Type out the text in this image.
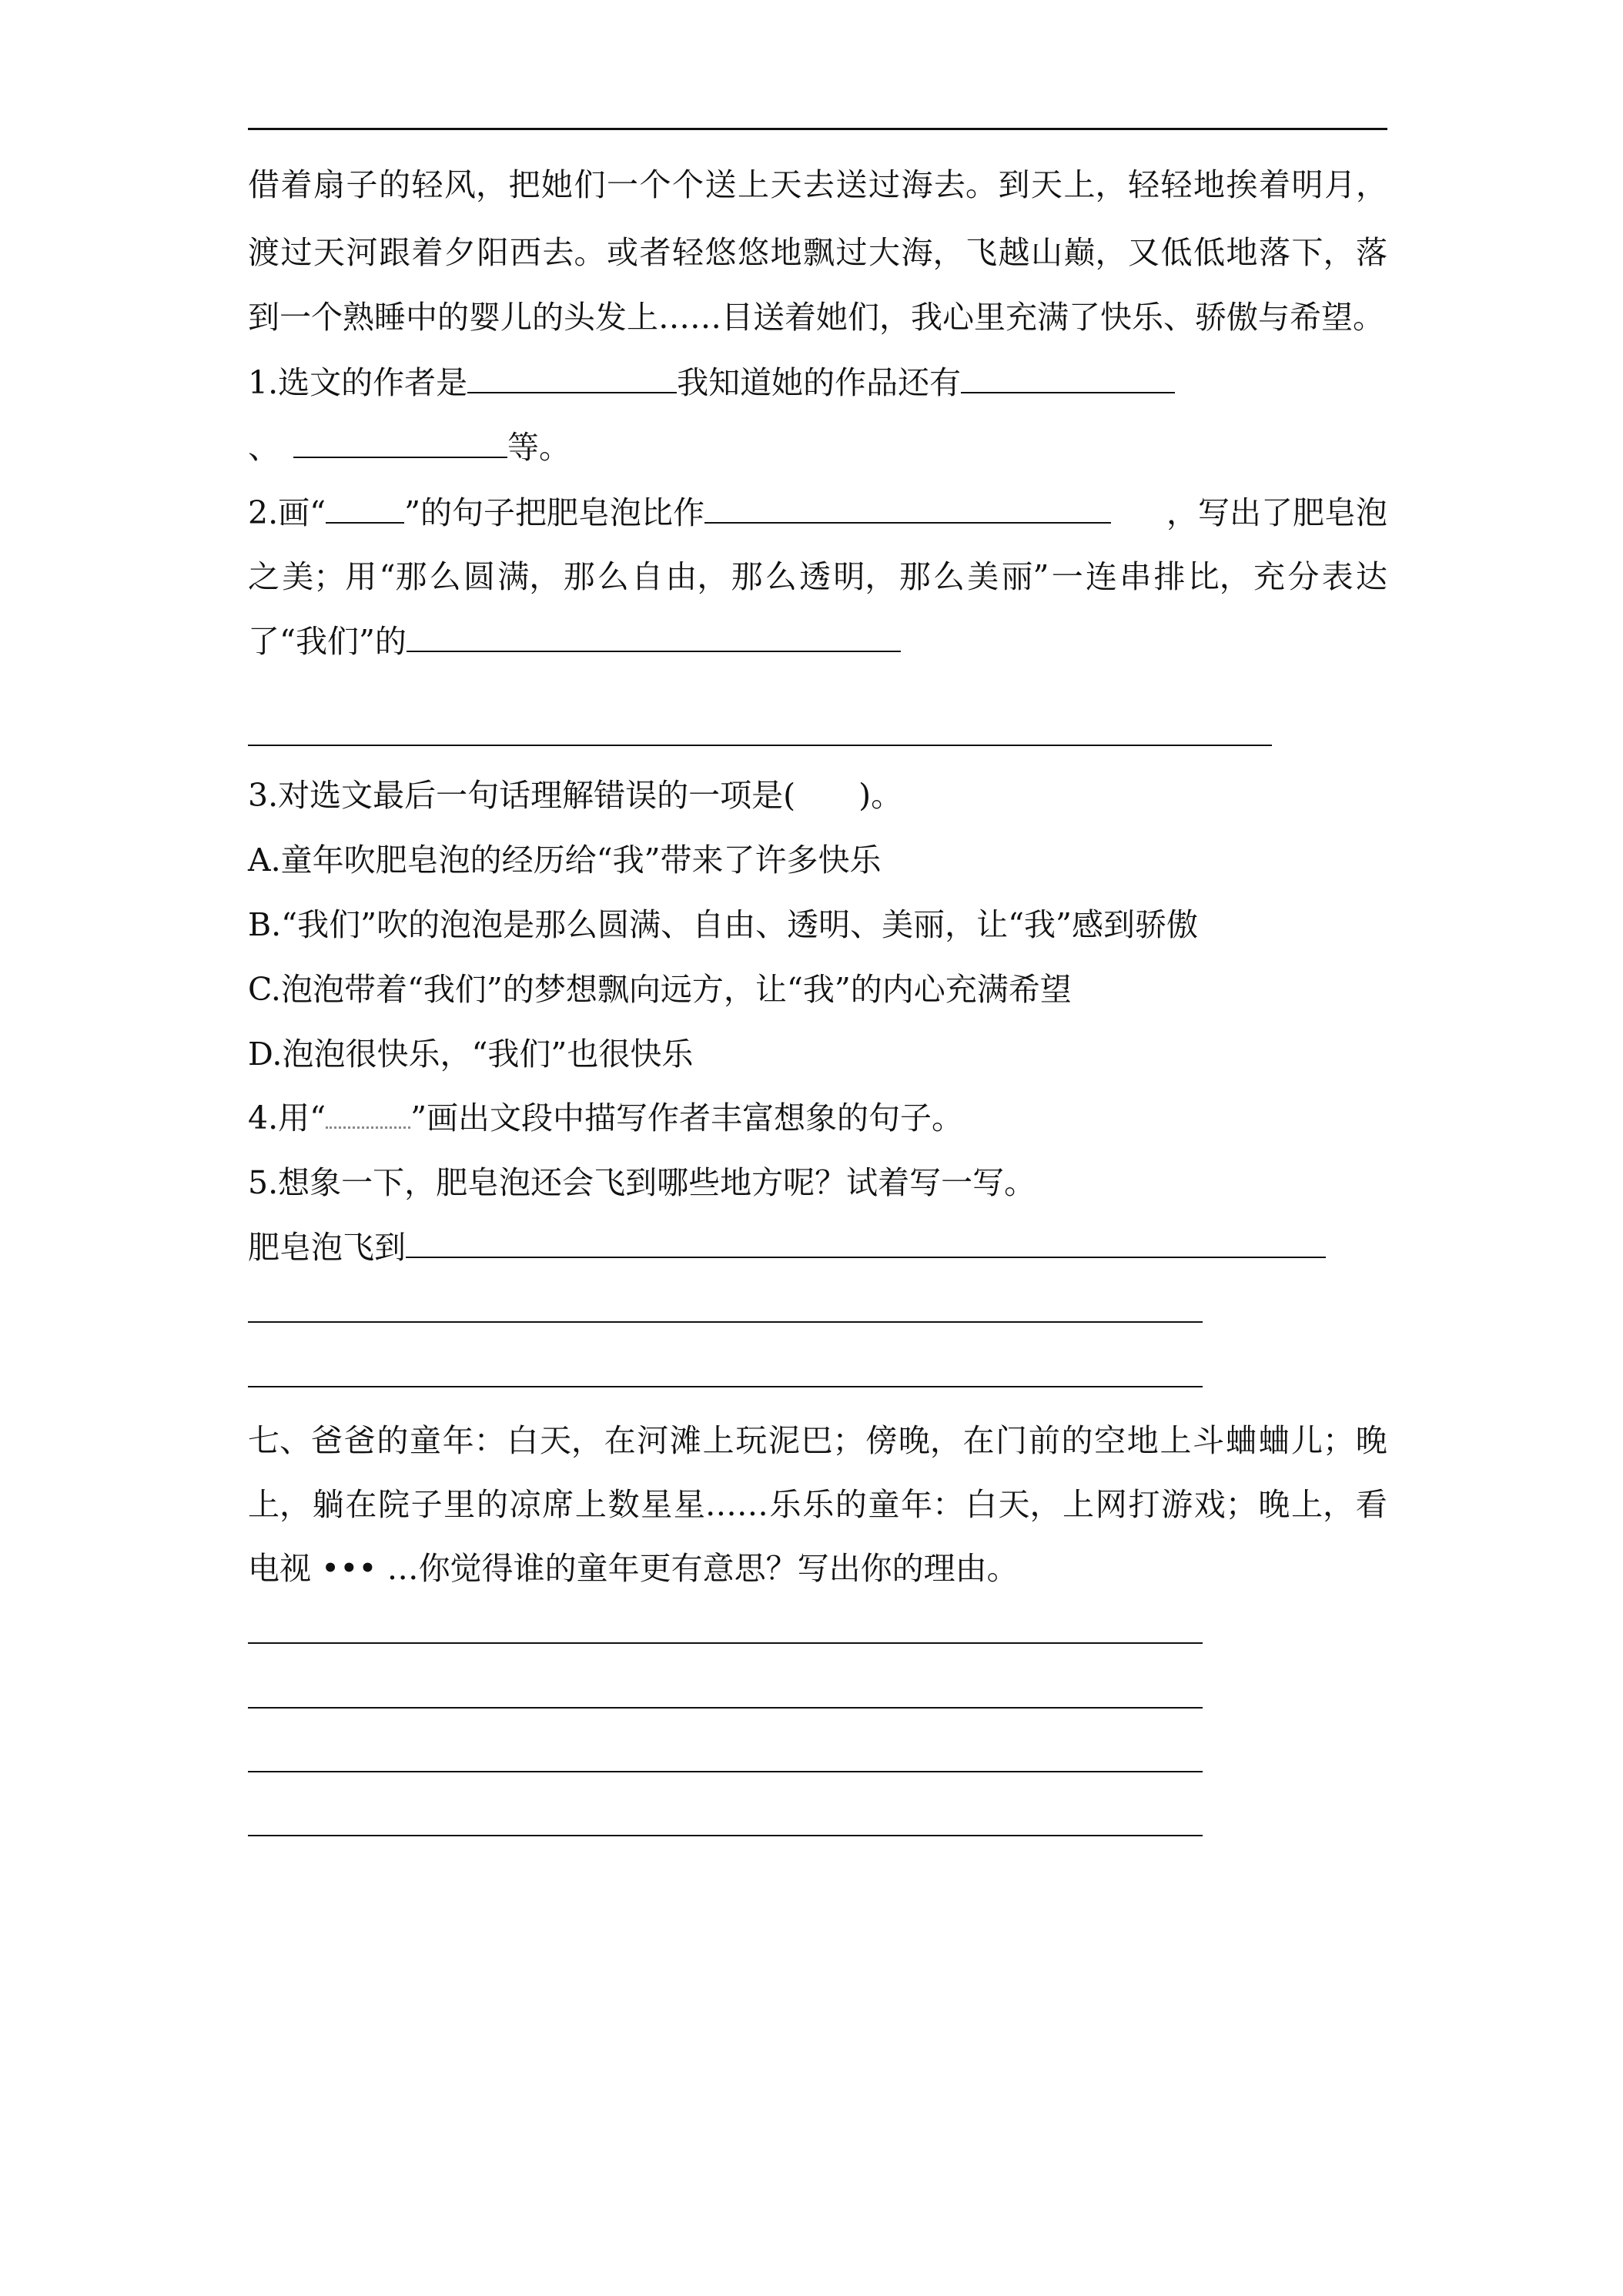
借 着 扇 子 的 轻 风， 把 她 们 一 个 个 送 上 天 去 送 过 海 去。 到 天 上， 轻 轻 地 挨 着 明 月，
渡 过 天 河 跟 着 夕 阳 西 去。 或 者 轻 悠 悠 地 飘 过 大 海， 飞 越 山 巅， 又 低 低 地 落 下， 落
到一个熟睡中的婴儿的头发上……目送着她们，我心里充满了快乐、骄傲与希望。
1.选文的作者是	我知道她的作品还有
、	等。
2.画“ ”的句子把肥皂泡比作	，写出了肥皂泡
之 美；用 “那 么 圆 满， 那 么 自 由， 那 么 透 明， 那 么 美 丽” 一 连 串 排 比， 充 分 表 达
了“我们”的
3.对选文最后一句话理解错误的一项是(　　)。
A.童年吹肥皂泡的经历给“我”带来了许多快乐
B.“我们”吹的泡泡是那么圆满、自由、透明、美丽，让“我”感到骄傲
C.泡泡带着“我们”的梦想飘向远方，让“我”的内心充满希望
D.泡泡很快乐，“我们”也很快乐
4.用“	”画出文段中描写作者丰富想象的句子。
5.想象一下，肥皂泡还会飞到哪些地方呢？试着写一写。
肥皂泡飞到
七、爸 爸 的 童 年： 白 天， 在 河 滩 上 玩 泥 巴； 傍 晚， 在 门 前 的 空 地 上 斗 蛐 蛐 儿； 晚
上， 躺 在 院 子 里 的 凉 席 上 数 星 星…… 乐 乐 的 童 年： 白 天， 上 网 打 游 戏； 晚 上， 看
电视 ••• …你觉得谁的童年更有意思？写出你的理由。
